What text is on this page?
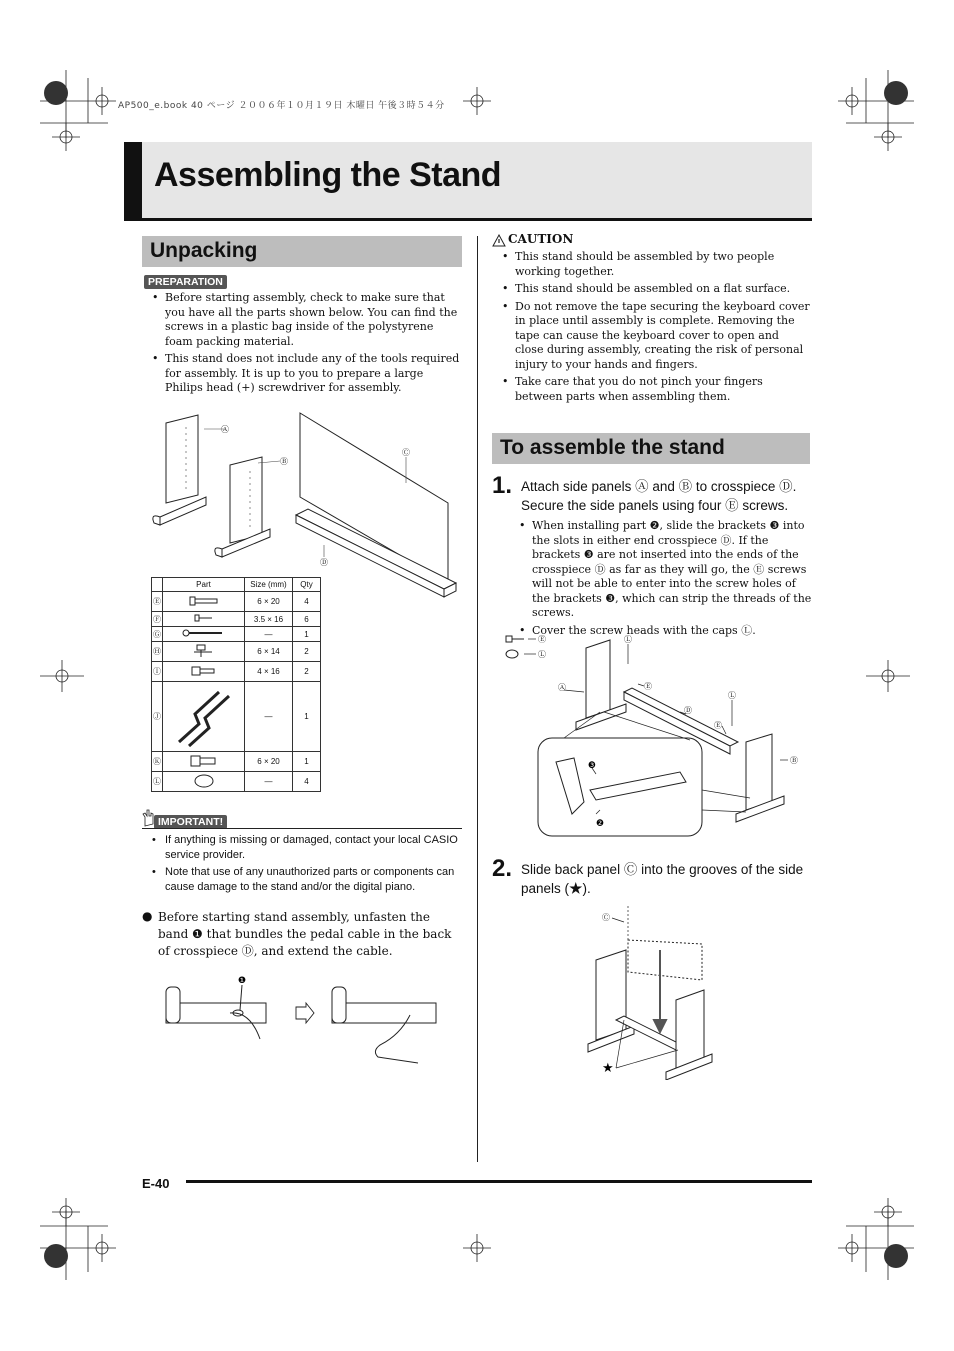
AP500_e.book 40 ページ ２００６年１０月１９日 木曜日 午後３時５４分
Assembling the Stand
Unpacking
PREPARATION
• Before starting assembly, check to make sure that you have all the parts shown below. You can find the screws in a plastic bag inside of the polystyrene foam packing material.
• This stand does not include any of the tools required for assembly. It is up to you to prepare a large Philips head (+) screwdriver for assembly.
Ⓐ
Ⓑ
Ⓒ
Ⓓ
	Part	Size (mm)	Qty
Ⓔ		6 × 20	4
Ⓕ		3.5 × 16	6
Ⓖ		—	1
Ⓗ		6 × 14	2
Ⓘ		4 × 16	2
Ⓙ		—	1
Ⓚ		6 × 20	1
Ⓛ		—	4
IMPORTANT!
• If anything is missing or damaged, contact your local CASIO service provider.
• Note that use of any unauthorized parts or components can cause damage to the stand and/or the digital piano.
● Before starting stand assembly, unfasten the band ❶ that bundles the pedal cable in the back of crosspiece Ⓓ, and extend the cable.
❶
CAUTION
• This stand should be assembled by two people working together.
• This stand should be assembled on a flat surface.
• Do not remove the tape securing the keyboard cover in place until assembly is complete. Removing the tape can cause the keyboard cover to open and close during assembly, creating the risk of personal injury to your hands and fingers.
• Take care that you do not pinch your fingers between parts when assembling them.
To assemble the stand
1. Attach side panels Ⓐ and Ⓑ to crosspiece Ⓓ. Secure the side panels using four Ⓔ screws.
• When installing part ❷, slide the brackets ❸ into the slots in either end crosspiece Ⓓ. If the brackets ❸ are not inserted into the ends of the crosspiece Ⓓ as far as they will go, the Ⓔ screws will not be able to enter into the screw holes of the brackets ❸, which can strip the threads of the screws.
• Cover the screw heads with the caps Ⓛ.
Ⓔ
Ⓛ
Ⓛ
Ⓐ	Ⓔ
Ⓛ
Ⓓ
Ⓔ
Ⓑ
❸
❷
2. Slide back panel Ⓒ into the grooves of the side panels (★).
Ⓒ
★
E-40
